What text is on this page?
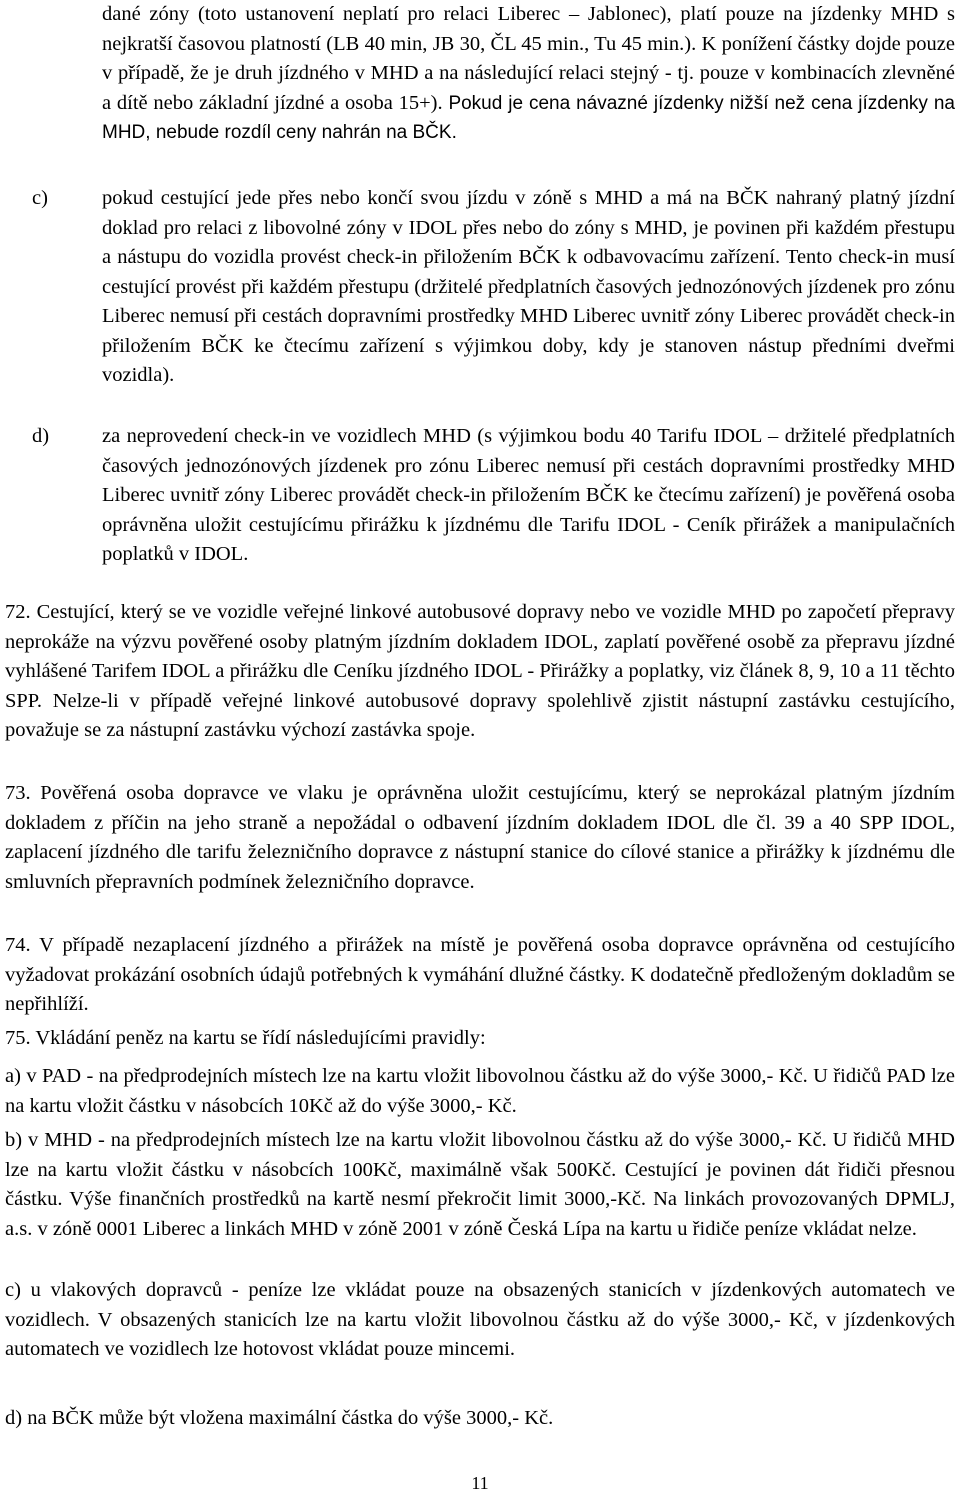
dané zóny (toto ustanovení neplatí pro relaci Liberec – Jablonec), platí pouze na jízdenky MHD s nejkratší časovou platností (LB 40 min, JB 30, ČL 45 min., Tu 45 min.). K ponížení částky dojde pouze v případě, že je druh jízdného v MHD a na následující relaci stejný - tj. pouze v kombinacích zlevněné a dítě nebo základní jízdné a osoba 15+). Pokud je cena návazné jízdenky nižší než cena jízdenky na MHD, nebude rozdíl ceny nahrán na BČK.

c)	pokud cestující jede přes nebo končí svou jízdu v zóně s MHD a má na BČK nahraný platný jízdní doklad pro relaci z libovolné zóny v IDOL přes nebo do zóny s MHD, je povinen při každém přestupu a nástupu do vozidla provést check-in přiložením BČK k odbavovacímu zařízení. Tento check-in musí cestující provést při každém přestupu (držitelé předplatních časových jednozónových jízdenek pro zónu Liberec nemusí při cestách dopravními prostředky MHD Liberec uvnitř zóny Liberec provádět check-in přiložením BČK ke čtecímu zařízení s výjimkou doby, kdy je stanoven nástup předními dveřmi vozidla).

d)	za neprovedení check-in ve vozidlech MHD (s výjimkou bodu 40 Tarifu IDOL – držitelé předplatních časových jednozónových jízdenek pro zónu Liberec nemusí při cestách dopravními prostředky MHD Liberec uvnitř zóny Liberec provádět check-in přiložením BČK ke čtecímu zařízení) je pověřená osoba oprávněna uložit cestujícímu přirážku k jízdnému dle Tarifu IDOL - Ceník přirážek a manipulačních poplatků v IDOL.

72. Cestující, který se ve vozidle veřejné linkové autobusové dopravy nebo ve vozidle MHD po započetí přepravy neprokáže na výzvu pověřené osoby platným jízdním dokladem IDOL, zaplatí pověřené osobě za přepravu jízdné vyhlášené Tarifem IDOL a přirážku dle Ceníku jízdného IDOL - Přirážky a poplatky, viz článek 8, 9, 10 a 11 těchto SPP. Nelze-li v případě veřejné linkové autobusové dopravy spolehlivě zjistit nástupní zastávku cestujícího, považuje se za nástupní zastávku výchozí zastávka spoje.

73. Pověřená osoba dopravce ve vlaku je oprávněna uložit cestujícímu, který se neprokázal platným jízdním dokladem z příčin na jeho straně a nepožádal o odbavení jízdním dokladem IDOL dle čl. 39 a 40 SPP IDOL, zaplacení jízdného dle tarifu železničního dopravce z nástupní stanice do cílové stanice a přirážky k jízdnému dle smluvních přepravních podmínek železničního dopravce.

74. V případě nezaplacení jízdného a přirážek na místě je pověřená osoba dopravce oprávněna od cestujícího vyžadovat prokázání osobních údajů potřebných k vymáhání dlužné částky. K dodatečně předloženým dokladům se nepřihlíží.

75. Vkládání peněz na kartu se řídí následujícími pravidly:

a) v PAD - na předprodejních místech lze na kartu vložit libovolnou částku až do výše 3000,- Kč. U řidičů PAD lze na kartu vložit částku v násobcích 10Kč až do výše 3000,- Kč.

b) v MHD - na předprodejních místech lze na kartu vložit libovolnou částku až do výše 3000,- Kč. U řidičů MHD lze na kartu vložit částku v násobcích 100Kč, maximálně však 500Kč. Cestující je povinen dát řidiči přesnou částku. Výše finančních prostředků na kartě nesmí překročit limit 3000,-Kč. Na linkách provozovaných DPMLJ, a.s. v zóně 0001 Liberec a linkách MHD v zóně 2001 v zóně Česká Lípa na kartu u řidiče peníze vkládat nelze.

c) u vlakových dopravců - peníze lze vkládat pouze na obsazených stanicích v jízdenkových automatech ve vozidlech. V obsazených stanicích lze na kartu vložit libovolnou částku až do výše 3000,- Kč, v jízdenkových automatech ve vozidlech lze hotovost vkládat pouze mincemi.

d) na BČK může být vložena maximální částka do výše 3000,- Kč.

11
